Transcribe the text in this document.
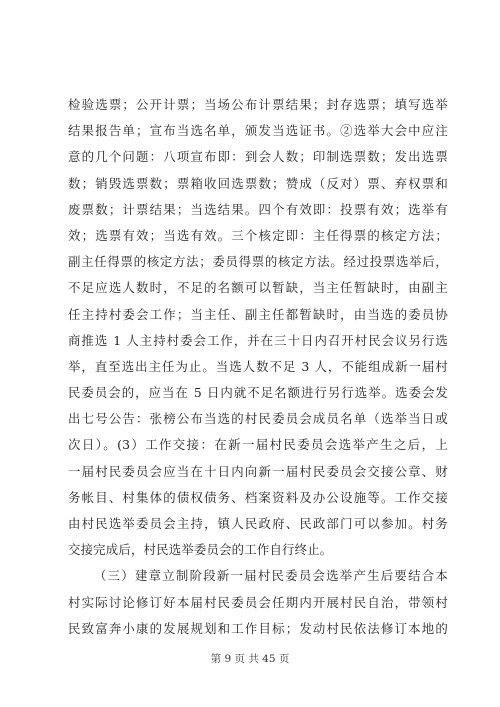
检验选票；公开计票；当场公布计票结果；封存选票；填写选举
结果报告单；宣布当选名单，颁发当选证书。②选举大会中应注
意的几个问题：八项宣布即：到会人数；印制选票数；发出选票
数；销毁选票数；票箱收回选票数；赞成（反对）票、弃权票和
废票数；计票结果；当选结果。四个有效即：投票有效；选举有
效；选票有效；当选有效。三个核定即：主任得票的核定方法；
副主任得票的核定方法；委员得票的核定方法。经过投票选举后，
不足应选人数时，不足的名额可以暂缺，当主任暂缺时，由副主
任主持村委会工作；当主任、副主任都暂缺时，由当选的委员协
商推选 1 人主持村委会工作，并在三十日内召开村民会议另行选
举，直至选出主任为止。当选人数不足 3 人，不能组成新一届村
民委员会的，应当在 5 日内就不足名额进行另行选举。选委会发
出七号公告：张榜公布当选的村民委员会成员名单（选举当日或
次日）。(3）工作交接：在新一届村民委员会选举产生之后，上
一届村民委员会应当在十日内向新一届村民委员会交接公章、财
务帐目、村集体的债权债务、档案资料及办公设施等。工作交接
由村民选举委员会主持，镇人民政府、民政部门可以参加。村务
交接完成后，村民选举委员会的工作自行终止。
（三）建章立制阶段新一届村民委员会选举产生后要结合本
村实际讨论修订好本届村民委员会任期内开展村民自治，带领村
民致富奔小康的发展规划和工作目标；发动村民依法修订本地的
第 9 页 共 45 页
